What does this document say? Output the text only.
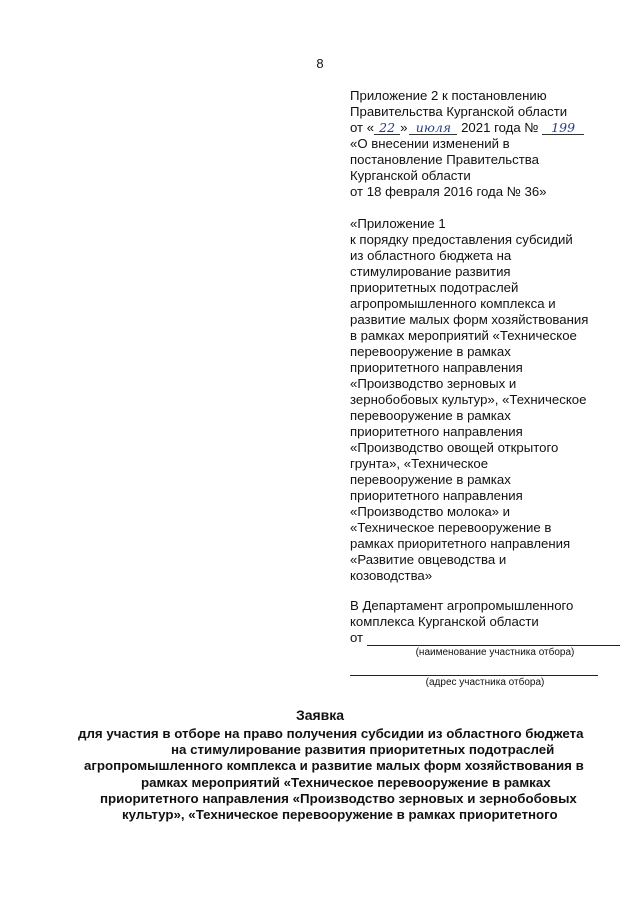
8
Приложение 2 к постановлению
Правительства Курганской области
от « 22 » июля 2021 года № 199
«О внесении изменений в
постановление Правительства
Курганской области
от 18 февраля 2016 года № 36»
«Приложение 1
к порядку предоставления субсидий
из областного бюджета на
стимулирование развития
приоритетных подотраслей
агропромышленного комплекса и
развитие малых форм хозяйствования
в рамках мероприятий «Техническое
перевооружение в рамках
приоритетного направления
«Производство зерновых и
зернобобовых культур», «Техническое
перевооружение в рамках
приоритетного направления
«Производство овощей открытого
грунта», «Техническое
перевооружение в рамках
приоритетного направления
«Производство молока» и
«Техническое перевооружение в
рамках приоритетного направления
«Развитие овцеводства и
козоводства»
В Департамент агропромышленного
комплекса Курганской области
от
(наименование участника отбора)
(адрес участника отбора)
Заявка
для участия в отборе на право получения субсидии из областного бюджета
на стимулирование развития приоритетных подотраслей
агропромышленного комплекса и развитие малых форм хозяйствования в
рамках мероприятий «Техническое перевооружение в рамках
приоритетного направления «Производство зерновых и зернобобовых
культур», «Техническое перевооружение в рамках приоритетного
